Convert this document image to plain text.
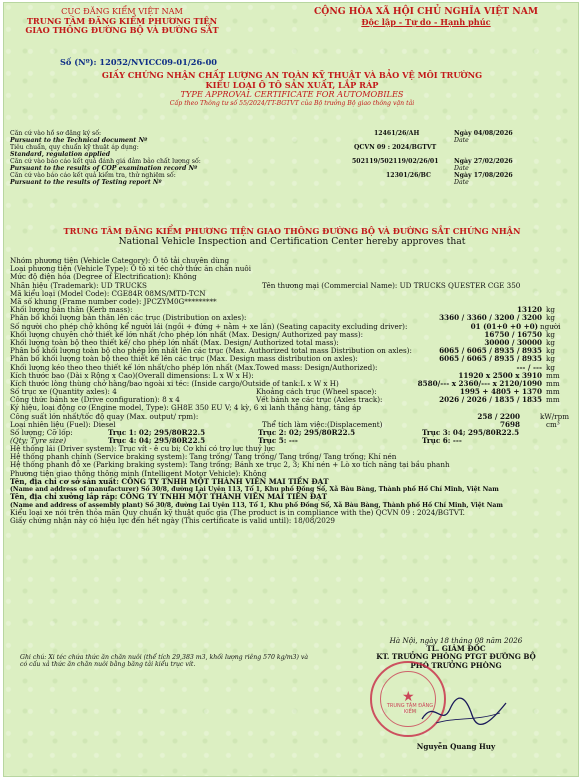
CỤC ĐĂNG KIỂM VIỆT NAM
TRUNG TÂM ĐĂNG KIỂM PHƯƠNG TIỆN
GIAO THÔNG ĐƯỜNG BỘ VÀ ĐƯỜNG SẮT
CỘNG HÒA XÃ HỘI CHỦ NGHĨA VIỆT NAM
Độc lập - Tự do - Hạnh phúc
Số (Nº): 12052/NVICC09-01/26-00
GIẤY CHỨNG NHẬN CHẤT LƯỢNG AN TOÀN KỸ THUẬT VÀ BẢO VỆ MÔI TRƯỜNG
KIỂU LOẠI Ô TÔ SẢN XUẤT, LẮP RÁP
TYPE APPROVAL CERTIFICATE FOR AUTOMOBILES
Cấp theo Thông tư số 55/2024/TT-BGTVT của Bộ trưởng Bộ giao thông vận tải
Căn cứ vào hồ sơ đăng ký số:
Pursuant to the Technical document Nº
12461/26/AH	Ngày 04/08/2026
Date
Tiêu chuẩn, quy chuẩn kỹ thuật áp dụng:
Standard, regulation applied
QCVN 09 : 2024/BGTVT
Căn cứ vào báo cáo kết quả đánh giá đảm bảo chất lượng số:
Pursuant to the results of COP examination record Nº
502119/502119/02/26/01 Ngày 27/02/2026
Date
Căn cứ vào báo cáo kết quả kiểm tra, thử nghiệm số:
Pursuant to the results of Testing report Nº
12301/26/BC	Ngày 17/08/2026
Date
TRUNG TÂM ĐĂNG KIỂM PHƯƠNG TIỆN GIAO THÔNG ĐƯỜNG BỘ VÀ ĐƯỜNG SẮT CHỨNG NHẬN
National Vehicle Inspection and Certification Center hereby approves that
Nhóm phương tiện (Vehicle Category): Ô tô tải chuyên dùng
Loại phương tiện (Vehicle Type): Ô tô xi téc chở thức ăn chăn nuôi
Mức độ điện hóa (Degree of Electrification): Không
Nhãn hiệu (Trademark): UD TRUCKS	Tên thương mại (Commercial Name): UD TRUCKS QUESTER CGE 350
Mã kiểu loại (Model Code): CGE84R 08MS/MTD-TCN
Mã số khung (Frame number code): JPCZYM0G*********
Khối lượng bản thân (Kerb mass):	13120 kg
Phân bố khối lượng bản thân lên các trục (Distribution on axles):	3360 / 3360 / 3200 / 3200 kg
Số người cho phép chở không kể người lái (ngồi + đứng + nằm + xe lăn) (Seating capacity excluding driver):	01 (01+0 +0 +0) người
Khối lượng chuyên chở thiết kế lớn nhất /cho phép lớn nhất (Max. Design/ Authorized pay mass):	16750 / 16750 kg
Khối lượng toàn bộ theo thiết kế/ cho phép lớn nhất (Max. Design/ Authorized total mass):	30000 / 30000 kg
Phân bố khối lượng toàn bộ cho phép lớn nhất lên các trục (Max. Authorized total mass Distribution on axles):	6065 / 6065 / 8935 / 8935 kg
Phân bố khối lượng toàn bộ theo thiết kế lên các trục (Max. Design mass distribution on axles):	6065 / 6065 / 8935 / 8935 kg
Khối lượng kéo theo theo thiết kế lớn nhất/cho phép lớn nhất (Max.Towed mass: Design/Authorized):	--- / --- kg
Kích thước bao (Dài x Rộng x Cao)(Overall dimensions: L x W x H):	11920 x 2500 x 3910 mm
Kích thước lòng thùng chở hàng/bao ngoài xi téc: (Inside cargo/Outside of tank:L x W x H)	8580/--- x 2360/--- x 2120/1090 mm
Số trục xe (Quantity axles): 4	Khoảng cách trục (Wheel space):	1995 + 4805 + 1370 mm
Công thức bánh xe (Drive configuration): 8 x 4	Vết bánh xe các trục (Axles track):	2026 / 2026 / 1835 / 1835 mm
Ký hiệu, loại động cơ (Engine model, Type): GH8E 350 EU V; 4 kỳ, 6 xi lanh thẳng hàng, tăng áp
Công suất lớn nhất/tốc độ quay (Max. output/ rpm):	258 / 2200	kW/rpm
Loại nhiên liệu (Fuel): Diesel	Thể tích làm việc:(Displacement)	7698	cm³
Số lượng; Cỡ lốp:
(Qty; Tyre size)
Trục 1: 02; 295/80R22.5	Trục 2: 02; 295/80R22.5	Trục 3: 04; 295/80R22.5
Trục 4: 04; 295/80R22.5	Trục 5: ---	Trục 6: ---
Hệ thống lái (Driver system): Trục vít - ê cu bi; Cơ khí có trợ lực thuỷ lực
Hệ thống phanh chính (Service braking system): Tang trống/ Tang trống/ Tang trống/ Tang trống; Khí nén
Hệ thống phanh đỗ xe (Parking braking system): Tang trống; Bánh xe trục 2, 3; Khí nén + Lò xo tích năng tại bầu phanh
Phương tiện giao thông thông minh (Intelligent Motor Vehicle): Không
Tên, địa chỉ cơ sở sản xuất: CÔNG TY TNHH MỘT THÀNH VIÊN MAI TIẾN ĐẠT
(Name and address of manufacturer) Số 30/8, đường Lai Uyên 113, Tổ 1, Khu phố Đồng Sổ, Xã Bàu Bàng, Thành phố Hồ Chí Minh, Việt Nam
Tên, địa chỉ xưởng lắp ráp: CÔNG TY TNHH MỘT THÀNH VIÊN MAI TIẾN ĐẠT
(Name and address of assembly plant) Số 30/8, đường Lai Uyên 113, Tổ 1, Khu phố Đồng Sổ, Xã Bàu Bàng, Thành phố Hồ Chí Minh, Việt Nam
Kiểu loại xe nói trên thỏa mãn Quy chuẩn kỹ thuật quốc gia (The product is in compliance with the) QCVN 09 : 2024/BGTVT.
Giấy chứng nhận này có hiệu lực đến hết ngày (This certificate is valid until): 18/08/2029
Ghi chú: Xi téc chứa thức ăn chăn nuôi (thể tích 29,383 m3, khối lượng riêng 570 kg/m3) và có cấu xả thức ăn chăn nuôi bằng băng tải kiểu trục vít.
Hà Nội, ngày 18 tháng 08 năm 2026
TL. GIÁM ĐỐC
KT. TRƯỞNG PHÒNG PTGT ĐƯỜNG BỘ
PHÓ TRƯỞNG PHÒNG
★
TRUNG TÂM ĐĂNG KIỂM
Nguyễn Quang Huy
